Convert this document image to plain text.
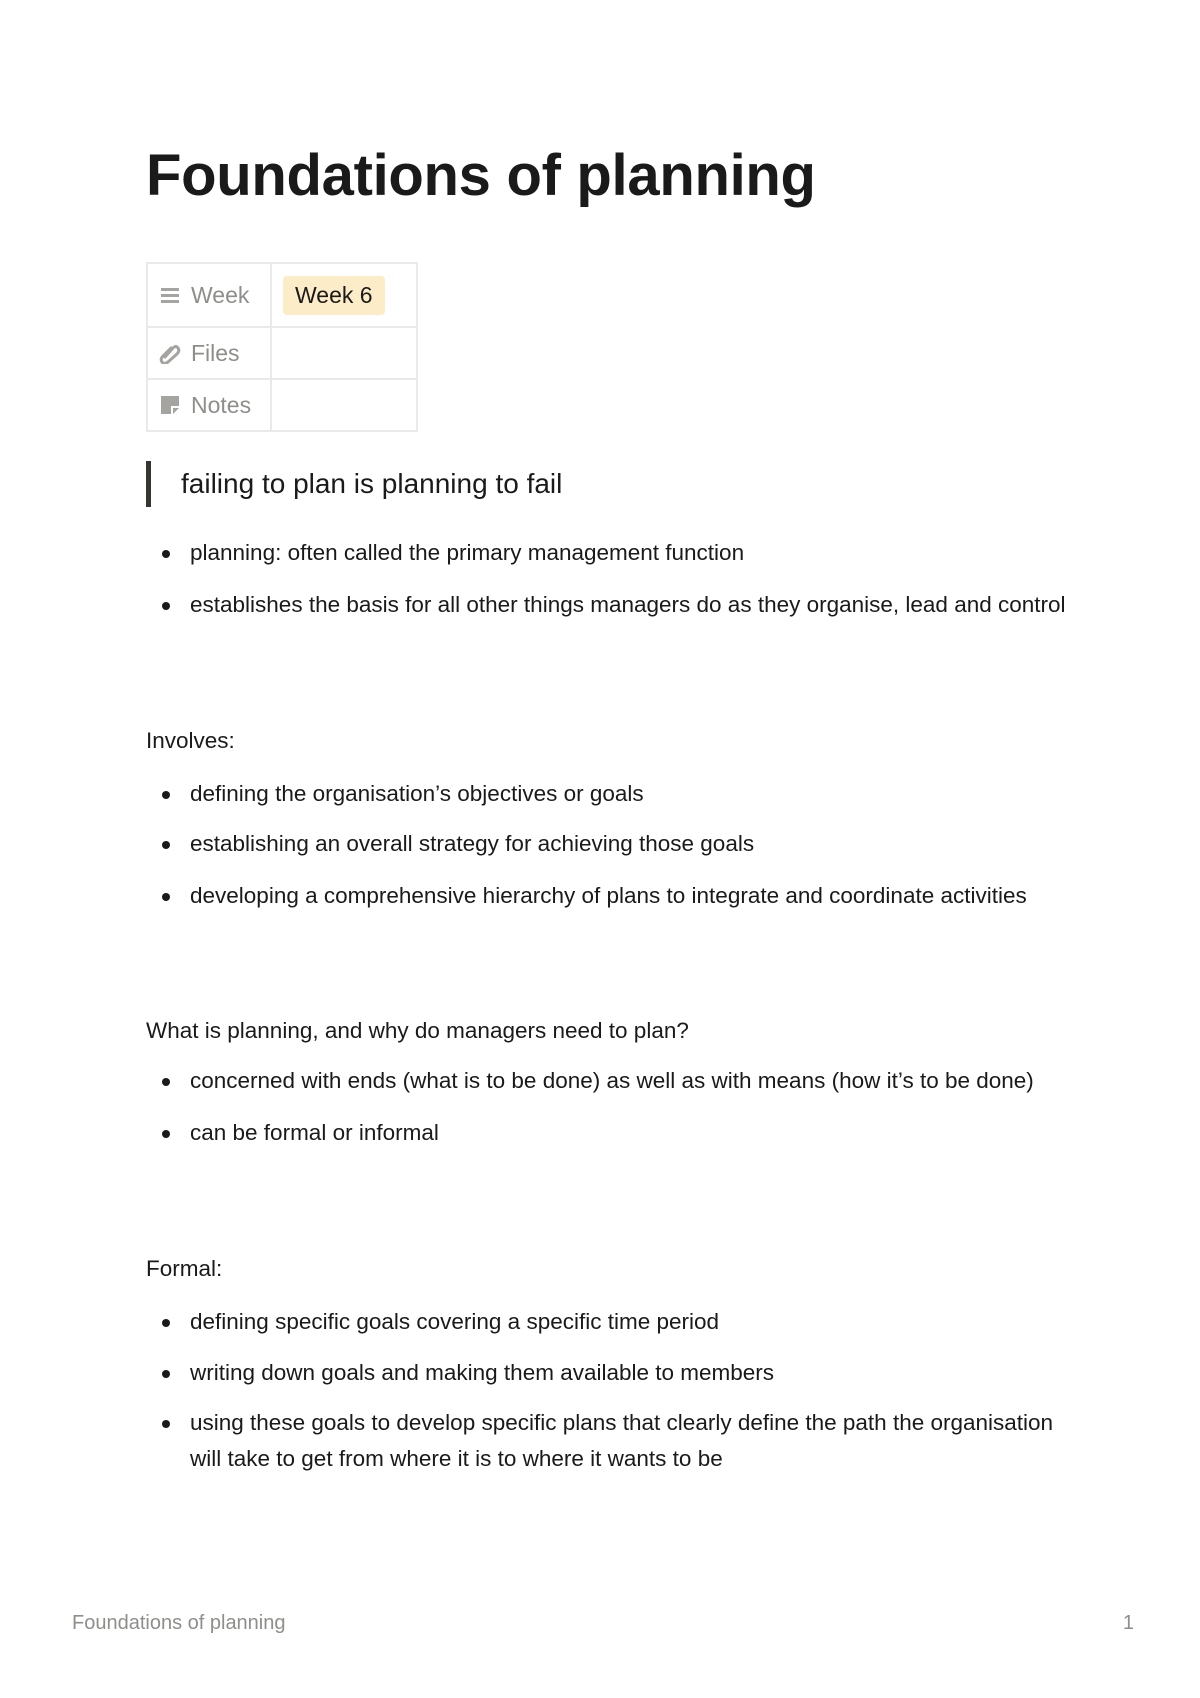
Foundations of planning
Week	Week 6

Files	

Notes	

failing to plan is planning to fail
planning: often called the primary management function
establishes the basis for all other things managers do as they organise, lead and control
Involves:
defining the organisation’s objectives or goals
establishing an overall strategy for achieving those goals
developing a comprehensive hierarchy of plans to integrate and coordinate activities
What is planning, and why do managers need to plan?
concerned with ends (what is to be done) as well as with means (how it’s to be done)
can be formal or informal
Formal:
defining specific goals covering a specific time period
writing down goals and making them available to members
using these goals to develop specific plans that clearly define the path the organisation will take to get from where it is to where it wants to be
Foundations of planning	1
